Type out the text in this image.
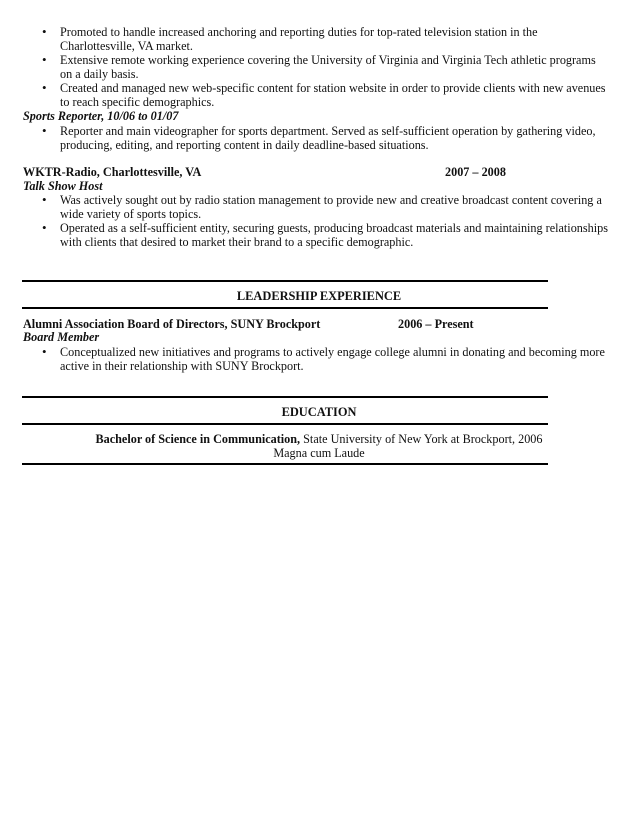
• Promoted to handle increased anchoring and reporting duties for top-rated television station in the Charlottesville, VA market.
• Extensive remote working experience covering the University of Virginia and Virginia Tech athletic programs on a daily basis.
• Created and managed new web-specific content for station website in order to provide clients with new avenues to reach specific demographics.
Sports Reporter, 10/06 to 01/07
• Reporter and main videographer for sports department. Served as self-sufficient operation by gathering video, producing, editing, and reporting content in daily deadline-based situations.
WKTR-Radio, Charlottesville, VA	2007 – 2008
Talk Show Host
• Was actively sought out by radio station management to provide new and creative broadcast content covering a wide variety of sports topics.
• Operated as a self-sufficient entity, securing guests, producing broadcast materials and maintaining relationships with clients that desired to market their brand to a specific demographic.
LEADERSHIP EXPERIENCE
Alumni Association Board of Directors, SUNY Brockport	2006 – Present
Board Member
• Conceptualized new initiatives and programs to actively engage college alumni in donating and becoming more active in their relationship with SUNY Brockport.
EDUCATION
Bachelor of Science in Communication, State University of New York at Brockport, 2006
Magna cum Laude
